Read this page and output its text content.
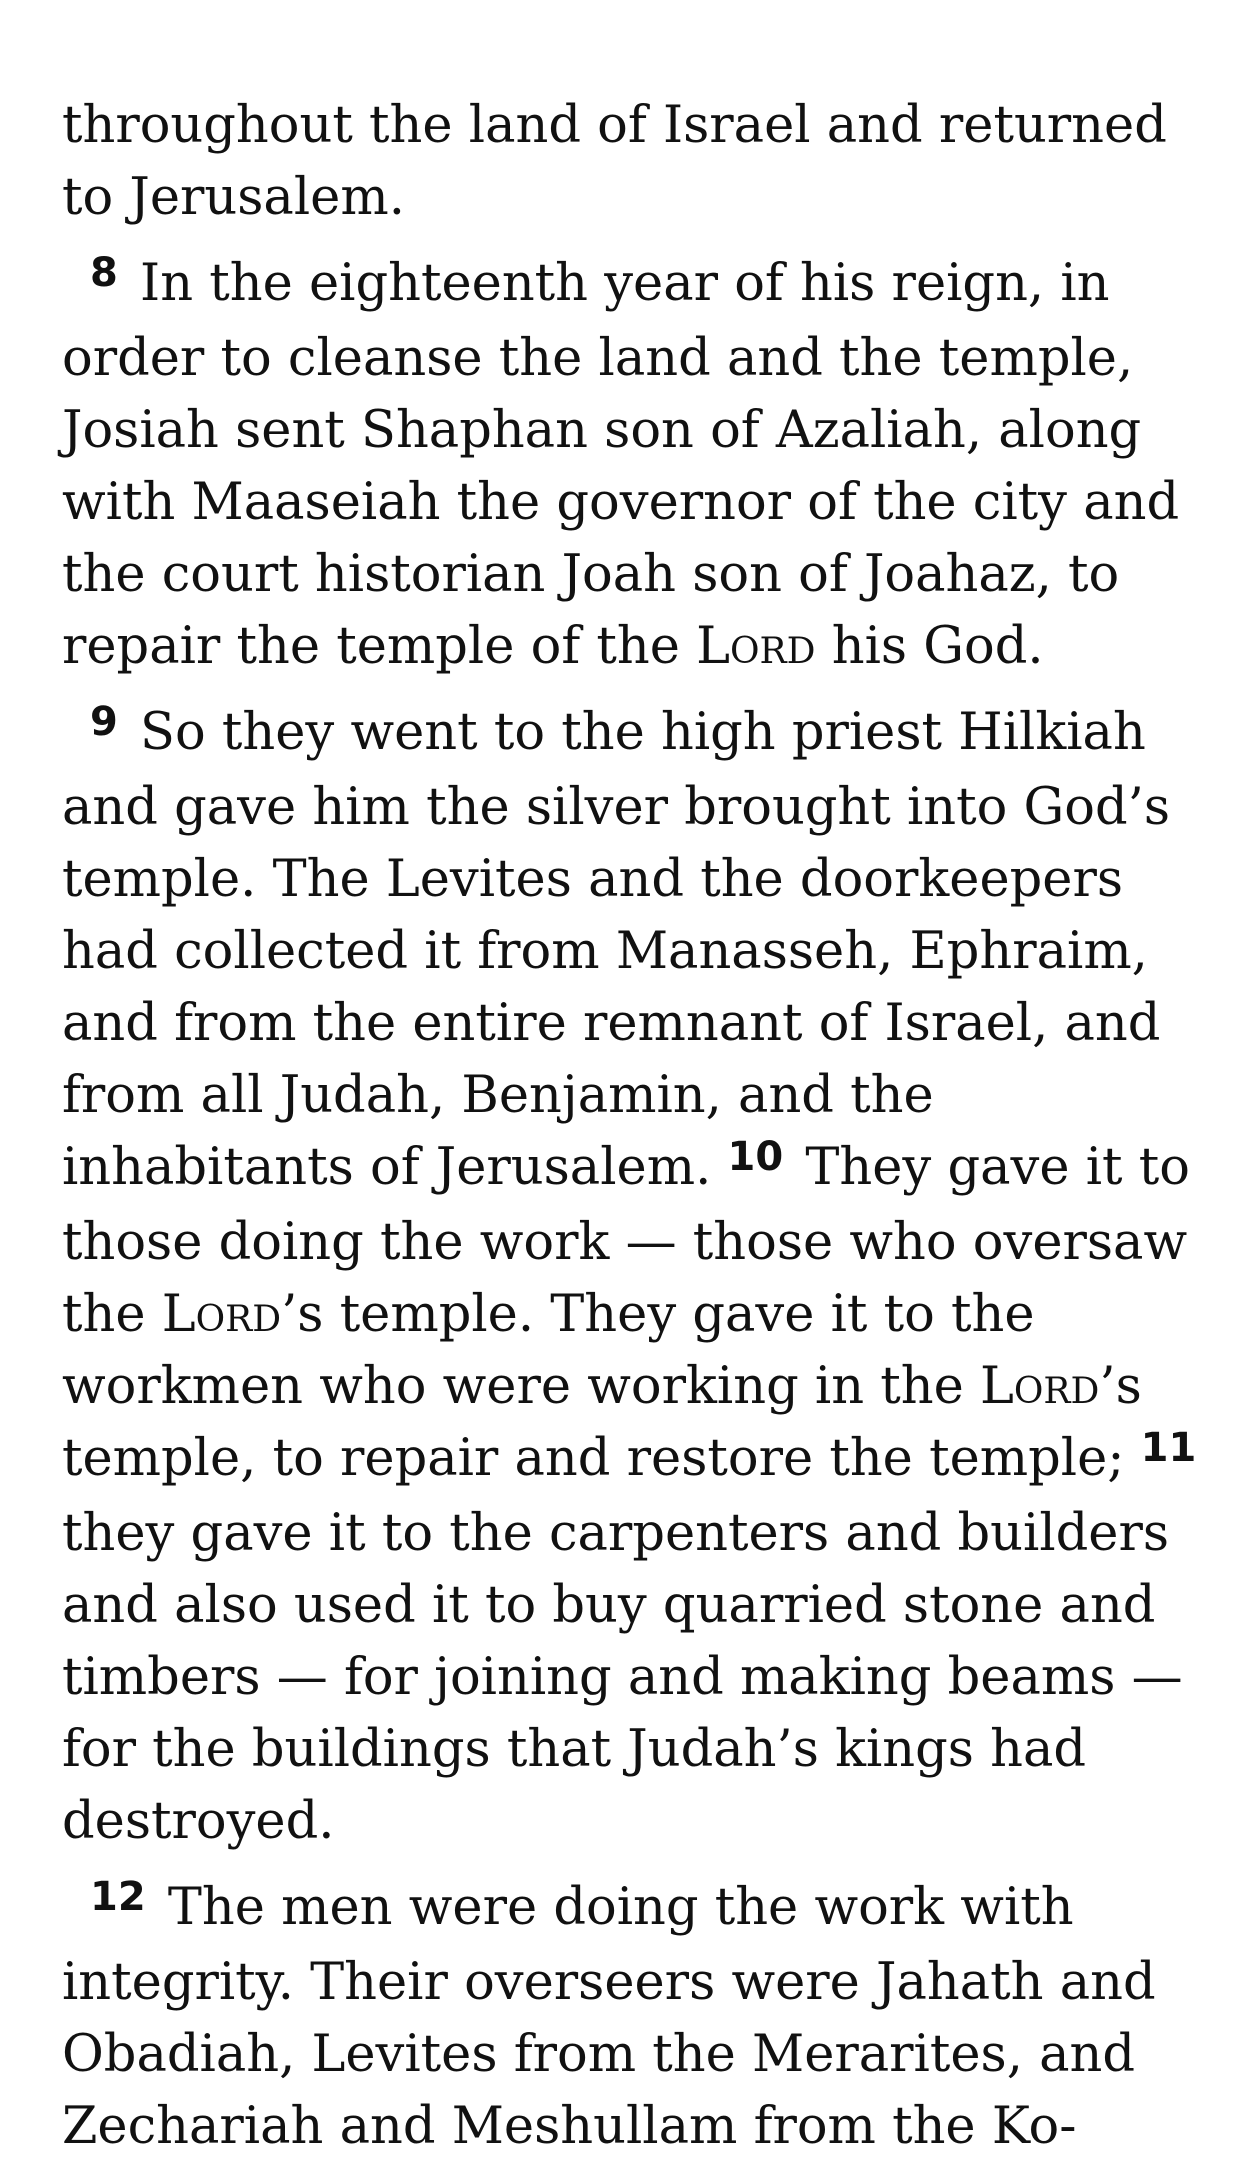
throughout the land of Israel and returned to Jerusalem.

$^8$ In the eighteenth year of his reign, in order to cleanse the land and the temple, Josiah sent Shaphan son of Azaliah, along with Maaseiah the governor of the city and the court historian Joah son of Joahaz, to repair the temple of the Lord his God.

$^9$ So they went to the high priest Hilkiah and gave him the silver brought into God’s temple. The Levites and the doorkeepers had collected it from Manasseh, Ephraim, and from the entire remnant of Israel, and from all Judah, Benjamin, and the inhabitants of Jerusalem. $^{10}$ They gave it to those doing the work — those who oversaw the Lord’s temple. They gave it to the workmen who were working in the Lord’s temple, to repair and restore the temple; $^{11}$ they gave it to the carpenters and builders and also used it to buy quarried stone and timbers — for joining and making beams — for the buildings that Judah’s kings had destroyed.

$^{12}$ The men were doing the work with integrity. Their overseers were Jahath and Obadiah, Levites from the Merarites, and Zechariah and Meshullam from the Ko-
